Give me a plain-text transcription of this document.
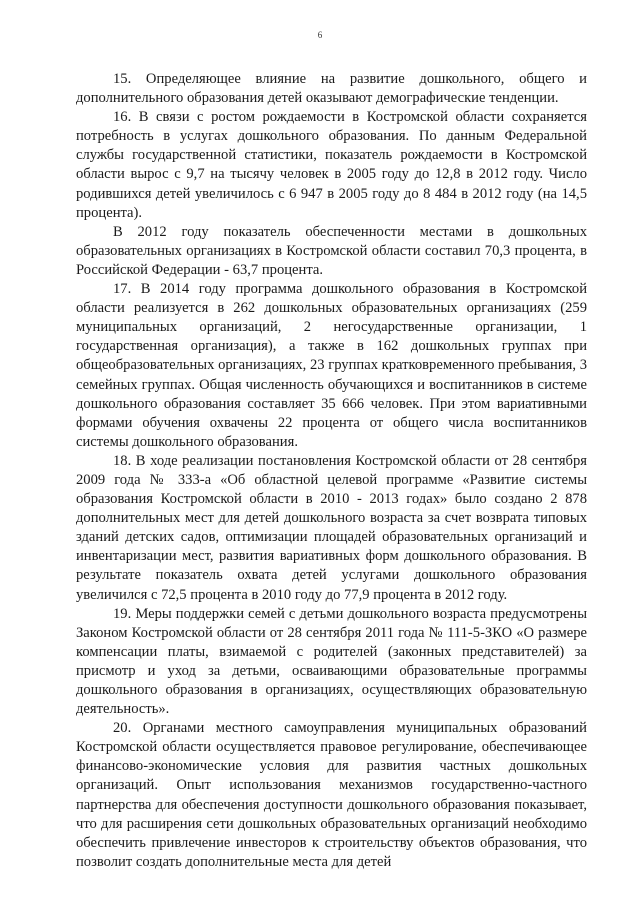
6

15. Определяющее влияние на развитие дошкольного, общего и дополнительного образования детей оказывают демографические тенденции.

16. В связи с ростом рождаемости в Костромской области сохраняется потребность в услугах дошкольного образования. По данным Федеральной службы государственной статистики, показатель рождаемости в Костромской области вырос с 9,7 на тысячу человек в 2005 году до 12,8 в 2012 году. Число родившихся детей увеличилось с 6 947 в 2005 году до 8 484 в 2012 году (на 14,5 процента).

В 2012 году показатель обеспеченности местами в дошкольных образовательных организациях в Костромской области составил 70,3 процента, в Российской Федерации - 63,7 процента.

17. В 2014 году программа дошкольного образования в Костромской области реализуется в 262 дошкольных образовательных организациях (259 муниципальных организаций, 2 негосударственные организации, 1 государственная организация), а также в 162 дошкольных группах при общеобразовательных организациях, 23 группах кратковременного пребывания, 3 семейных группах. Общая численность обучающихся и воспитанников в системе дошкольного образования составляет 35 666 человек. При этом вариативными формами обучения охвачены 22 процента от общего числа воспитанников системы дошкольного образования.

18. В ходе реализации постановления Костромской области от 28 сентября 2009 года № 333-а «Об областной целевой программе «Развитие системы образования Костромской области в 2010 - 2013 годах» было создано 2 878 дополнительных мест для детей дошкольного возраста за счет возврата типовых зданий детских садов, оптимизации площадей образовательных организаций и инвентаризации мест, развития вариативных форм дошкольного образования. В результате показатель охвата детей услугами дошкольного образования увеличился с 72,5 процента в 2010 году до 77,9 процента в 2012 году.

19. Меры поддержки семей с детьми дошкольного возраста предусмотрены Законом Костромской области от 28 сентября 2011 года № 111-5-ЗКО «О размере компенсации платы, взимаемой с родителей (законных представителей) за присмотр и уход за детьми, осваивающими образовательные программы дошкольного образования в организациях, осуществляющих образовательную деятельность».

20. Органами местного самоуправления муниципальных образований Костромской области осуществляется правовое регулирование, обеспечивающее финансово-экономические условия для развития частных дошкольных организаций. Опыт использования механизмов государственно-частного партнерства для обеспечения доступности дошкольного образования показывает, что для расширения сети дошкольных образовательных организаций необходимо обеспечить привлечение инвесторов к строительству объектов образования, что позволит создать дополнительные места для детей
